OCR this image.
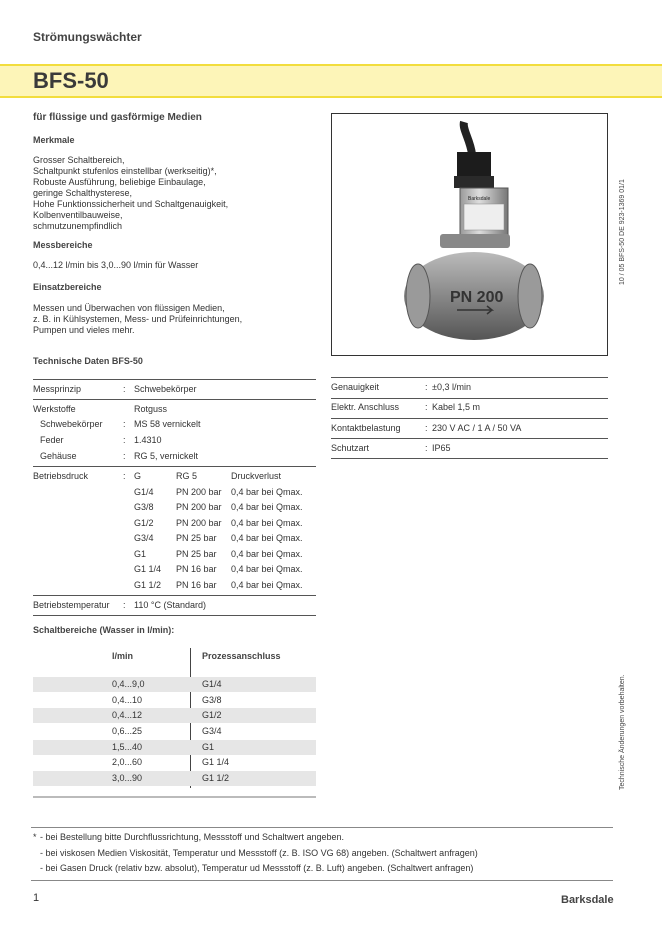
Strömungswächter
BFS-50
10 / 05 BFS-50 DE 923-1369 01/1
für flüssige und gasförmige Medien
Merkmale
Grosser Schaltbereich,
Schaltpunkt stufenlos einstellbar (werkseitig)*,
Robuste Ausführung, beliebige Einbaulage,
geringe Schalthysterese,
Hohe Funktionssicherheit und Schaltgenauigkeit,
Kolbenventilbauweise,
schmutzunempfindlich
Messbereiche
0,4...12 l/min bis 3,0...90 l/min für Wasser
Einsatzbereiche
Messen und Überwachen von flüssigen Medien,
z. B. in Kühlsystemen, Mess- und Prüfeinrichtungen,
Pumpen und vieles mehr.
Technische Daten BFS-50
Barksdale
PN 200
Messprinzip	: Schwebekörper
Werkstoffe	Rotguss
Schwebekörper : MS 58 vernickelt
Feder	: 1.4310
Gehäuse	: RG 5, vernickelt
Betriebsdruck	: G	RG 5	Druckverlust
G1/4 PN 200 bar 0,4 bar bei Qmax.
G3/8 PN 200 bar 0,4 bar bei Qmax.
G1/2 PN 200 bar 0,4 bar bei Qmax.
G3/4 PN 25 bar 0,4 bar bei Qmax.
G1	PN 25 bar 0,4 bar bei Qmax.
G1 1/4 PN 16 bar 0,4 bar bei Qmax.
G1 1/2 PN 16 bar 0,4 bar bei Qmax.
Betriebstemperatur : 110 °C (Standard)
Genauigkeit	: ±0,3 l/min
Elektr. Anschluss	: Kabel 1,5 m
Kontaktbelastung	: 230 V AC / 1 A / 50 VA
Schutzart	: IP65
Schaltbereiche (Wasser in l/min):
l/min	Prozessanschluss
0,4...9,0	G1/4
0,4...10	G3/8
0,4...12	G1/2
0,6...25	G3/4
1,5...40	G1
2,0...60	G1 1/4
3,0...90	G1 1/2	Technische Änderungen vorbehalten.
* - bei Bestellung bitte Durchflussrichtung, Messstoff und Schaltwert angeben.
- bei viskosen Medien Viskosität, Temperatur und Messstoff (z. B. ISO VG 68) angeben. (Schaltwert anfragen)
- bei Gasen Druck (relativ bzw. absolut), Temperatur ud Messstoff (z. B. Luft) angeben. (Schaltwert anfragen)
1	Barksdale
